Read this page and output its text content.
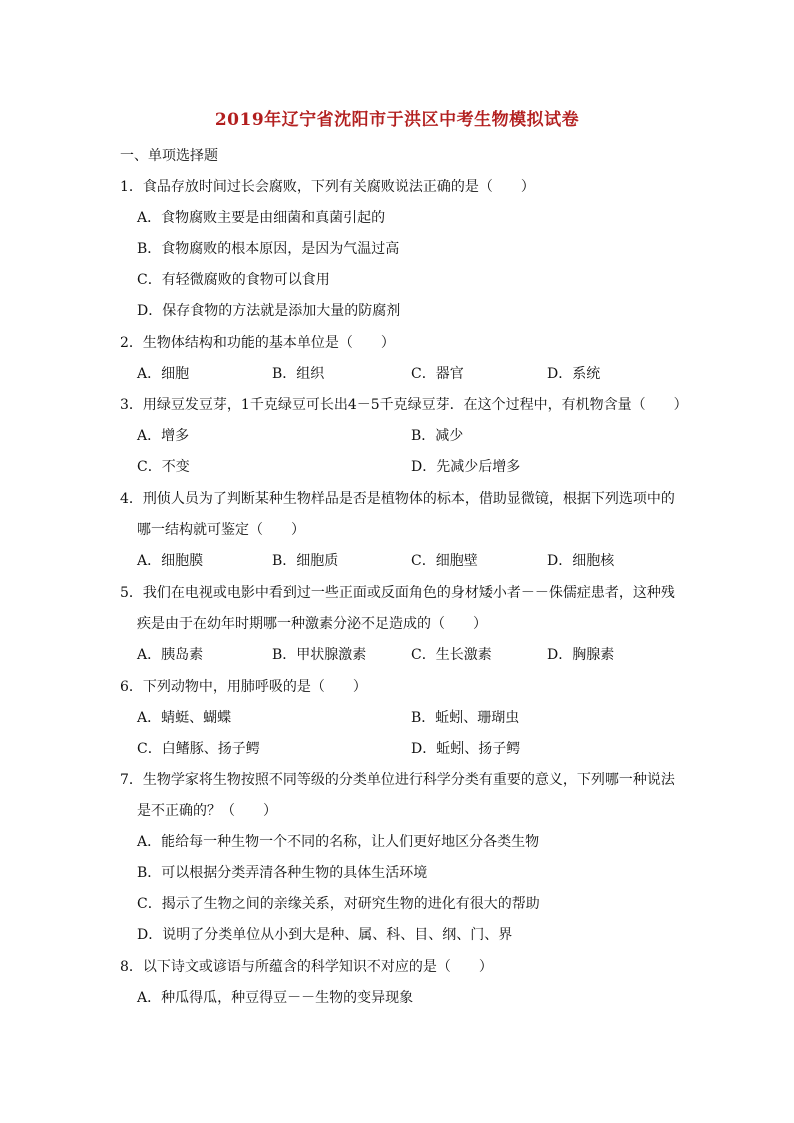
2019年辽宁省沈阳市于洪区中考生物模拟试卷
一、单项选择题
1．食品存放时间过长会腐败，下列有关腐败说法正确的是（　　）
A．食物腐败主要是由细菌和真菌引起的
B．食物腐败的根本原因，是因为气温过高
C．有轻微腐败的食物可以食用
D．保存食物的方法就是添加大量的防腐剂
2．生物体结构和功能的基本单位是（　　）
A．细胞	B．组织	C．器官	D．系统
3．用绿豆发豆芽，1千克绿豆可长出4－5千克绿豆芽．在这个过程中，有机物含量（　　）
A．增多	B．减少
C．不变	D．先减少后增多
4．刑侦人员为了判断某种生物样品是否是植物体的标本，借助显微镜，根据下列选项中的
哪一结构就可鉴定（　　）
A．细胞膜	B．细胞质	C．细胞壁	D．细胞核
5．我们在电视或电影中看到过一些正面或反面角色的身材矮小者－－侏儒症患者，这种残
疾是由于在幼年时期哪一种激素分泌不足造成的（　　）
A．胰岛素	B．甲状腺激素	C．生长激素	D．胸腺素
6．下列动物中，用肺呼吸的是（　　）
A．蜻蜓、蝴蝶	B．蚯蚓、珊瑚虫
C．白鳍豚、扬子鳄	D．蚯蚓、扬子鳄
7．生物学家将生物按照不同等级的分类单位进行科学分类有重要的意义，下列哪一种说法
是不正确的？（　　）
A．能给每一种生物一个不同的名称，让人们更好地区分各类生物
B．可以根据分类弄清各种生物的具体生活环境
C．揭示了生物之间的亲缘关系，对研究生物的进化有很大的帮助
D．说明了分类单位从小到大是种、属、科、目、纲、门、界
8．以下诗文或谚语与所蕴含的科学知识不对应的是（　　）
A．种瓜得瓜，种豆得豆－－生物的变异现象
